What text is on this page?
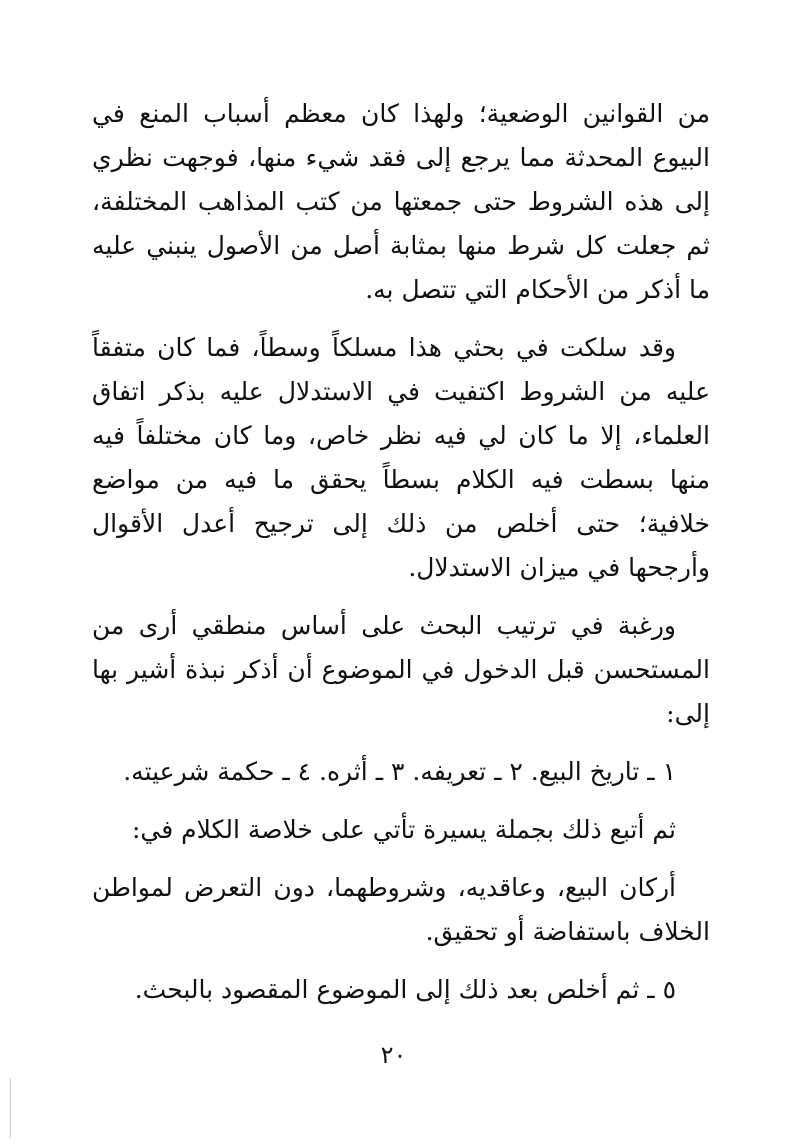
من القوانين الوضعية؛ ولهذا كان معظم أسباب المنع في البيوع المحدثة مما يرجع إلى فقد شيء منها، فوجهت نظري إلى هذه الشروط حتى جمعتها من كتب المذاهب المختلفة، ثم جعلت كل شرط منها بمثابة أصل من الأصول ينبني عليه ما أذكر من الأحكام التي تتصل به.

وقد سلكت في بحثي هذا مسلكاً وسطاً، فما كان متفقاً عليه من الشروط اكتفيت في الاستدلال عليه بذكر اتفاق العلماء، إلا ما كان لي فيه نظر خاص، وما كان مختلفاً فيه منها بسطت فيه الكلام بسطاً يحقق ما فيه من مواضع خلافية؛ حتى أخلص من ذلك إلى ترجيح أعدل الأقوال وأرجحها في ميزان الاستدلال.

ورغبة في ترتيب البحث على أساس منطقي أرى من المستحسن قبل الدخول في الموضوع أن أذكر نبذة أشير بها إلى:

١ ـ تاريخ البيع. ٢ ـ تعريفه. ٣ ـ أثره. ٤ ـ حكمة شرعيته.

ثم أتبع ذلك بجملة يسيرة تأتي على خلاصة الكلام في:

أركان البيع، وعاقديه، وشروطهما، دون التعرض لمواطن الخلاف باستفاضة أو تحقيق.

٥ ـ ثم أخلص بعد ذلك إلى الموضوع المقصود بالبحث.

٢٠
